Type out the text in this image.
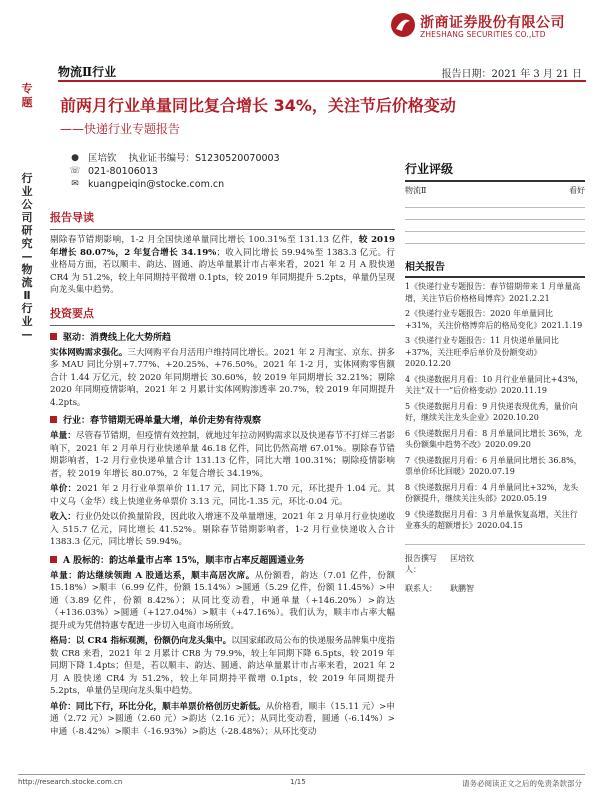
浙商证券股份有限公司
ZHESHANG SECURITIES CO.,LTD
物流Ⅱ行业	报告日期：2021 年 3 月 21 日
专题
行业公司研究—物流Ⅱ行业—
前两月行业单量同比复合增长 34%，关注节后价格变动
——快递行业专题报告
● 匡培钦 执业证书编号：S1230520070003
☏ 021-80106013
✉ kuangpeiqin@stocke.com.cn
报告导读

剔除春节错期影响，1-2 月全国快递单量同比增长 100.31%至 131.13 亿件，较 2019 年增长 80.07%，2 年复合增长 34.19%；收入同比增长 59.94%至 1383.3 亿元。行业格局方面，若以顺丰、韵达、圆通、韵达单量累计市占率来看，2021 年 2 月 A 股快递 CR4 为 51.2%，较上年同期持平微增 0.1pts，较 2019 年同期提升 5.2pts，单量仍呈现向龙头集中趋势。

投资要点
驱动：消费线上化大势所趋

实体网购需求强化。三大网购平台月活用户维持同比增长。2021 年 2 月淘宝、京东、拼多多 MAU 同比分别+7.77%、+20.25%、+76.50%。2021 年 1-2 月，实体网购零售额合计 1.44 万亿元，较 2020 年同期增长 30.60%，较 2019 年同期增长 32.21%；剔除 2020 年同期疫情影响，2021 年 2 月累计实体网购渗透率 20.7%，较 2019 年同期提升 4.2pts。

行业：春节错期无碍单量大增，单价走势有待观察

单量：尽管春节错期，但疫情有效控制，就地过年拉动网购需求以及快递春节不打烊三者影响下，2021 年 2 月单月行业快递单量 46.18 亿件，同比仍然高增 67.01%。剔除春节错期影响者，1-2 月行业快递单量合计 131.13 亿件，同比大增 100.31%；剔除疫情影响者，较 2019 年增长 80.07%，2 年复合增长 34.19%。

单价：2021 年 2 月行业单票单价 11.17 元，同比下降 1.70 元，环比提升 1.04 元。其中义乌（金华）线上快递业务单票价 3.13 元，同比-1.35 元，环比-0.04 元。

收入：行业仍处以价换量阶段，因此收入增速不及单量增速，2021 年 2 月单月行业快递收入 515.7 亿元，同比增长 41.52%。剔除春节错期影响者，1-2 月行业快递收入合计 1383.3 亿元，同比增长 59.94%。

A 股标的：韵达单量市占率 15%，顺丰市占率反超圆通业务

单量：韵达继续领跑 A 股通达系，顺丰高居次席。从份额看，韵达（7.01 亿件，份额 15.18%）>顺丰（6.99 亿件，份额 15.14%）>圆通（5.29 亿件，份额 11.45%）>申通（3.89 亿件，份额 8.42%）；从同比变动看，申通单量（+146.20%）>韵达（+136.03%）>圆通（+127.04%）>顺丰（+47.16%）。我们认为，顺丰市占率大幅提升或为凭借特惠专配进一步切入电商市场所致。

格局：以 CR4 指标观测，份额仍向龙头集中。以国家邮政局公布的快递服务品牌集中度指数 CR8 来看，2021 年 2 月累计 CR8 为 79.9%，较上年同期下降 6.5pts，较 2019 年同期下降 1.4pts；但是，若以顺丰、韵达、圆通、韵达单量累计市占率来看，2021 年 2 月 A 股快递 CR4 为 51.2%，较上年同期持平微增 0.1pts，较 2019 年同期提升 5.2pts，单量仍呈现向龙头集中趋势。

单价：同比下行，环比分化，顺丰单票价格创历史新低。从价格看，顺丰（15.11 元）>申通（2.72 元）>圆通（2.60 元）>韵达（2.16 元）；从同比变动看，圆通（-6.14%）>申通（-8.42%）>顺丰（-16.93%）>韵达（-28.48%）；从环比变动

行业评级
物流Ⅱ	看好
相关报告
1《快递行业专题报告：春节错期带来 1 月单量高增，关注节后价格格局博弈》2021.2.21
2《快递行业专题报告：2020 年单量同比+31%，关注价格博弈后的格局变化》2021.1.19
3《快递行业专题报告：11 月快递单量同比+37%，关注旺季后单价及份额变动》2020.12.20
4《快递数据月月看：10 月行业单量同比+43%，关注“双十一”后价格变动》2020.11.19
5《快递数据月月看：9 月快递表现优秀，量价向好，继续关注龙头企业》2020.10.20
6《快递数据月月看：8 月单量同比增长 36%，龙头份额集中趋势不改》2020.09.20
7《快递数据月月看：6 月单量同比增长 36.8%，票单价环比回暖》2020.07.19
8《快递数据月月看：4 月单量同比+32%，龙头份额提升，继续关注头部》2020.05.19
9《快递数据月月看：3 月单量恢复高增，关注行业寡头的超额增长》2020.04.15
报告撰写人：
匡培钦
联系人：	耿鹏智
http://research.stocke.com.cn	1/15	请务必阅读正文之后的免责条款部分
